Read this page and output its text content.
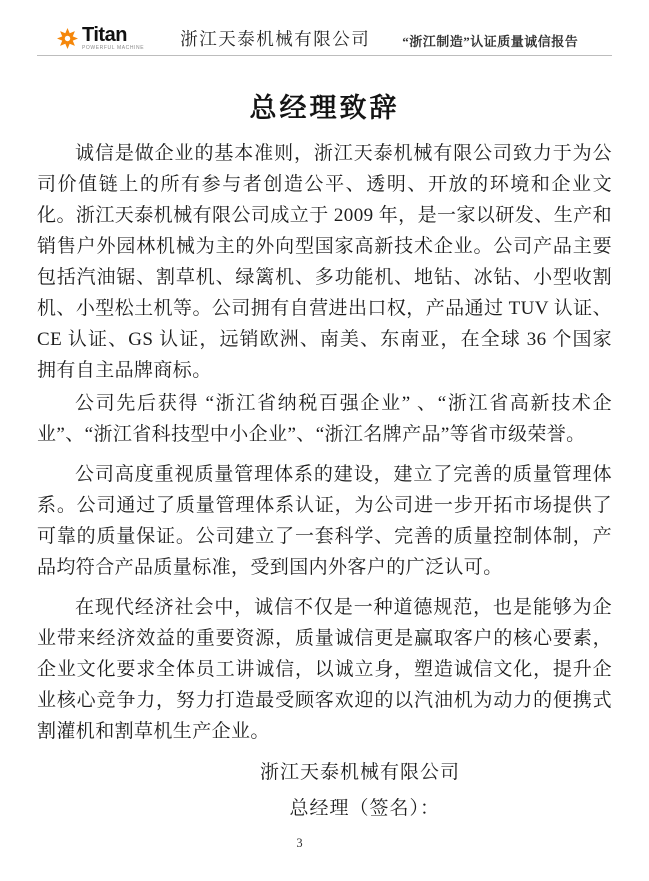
Titan
POWERFUL MACHINE 浙江天泰机械有限公司 “浙江制造”认证质量诚信报告
总经理致辞

诚信是做企业的基本准则，浙江天泰机械有限公司致力于为公司价值链上的所有参与者创造公平、透明、开放的环境和企业文化。浙江天泰机械有限公司成立于 2009 年，是一家以研发、生产和销售户外园林机械为主的外向型国家高新技术企业。公司产品主要包括汽油锯、割草机、绿篱机、多功能机、地钻、冰钻、小型收割机、小型松土机等。公司拥有自营进出口权，产品通过 TUV 认证、CE 认证、GS 认证，远销欧洲、南美、东南亚，在全球 36 个国家拥有自主品牌商标。

公司先后获得 “浙江省纳税百强企业” 、“浙江省高新技术企业”、“浙江省科技型中小企业”、“浙江名牌产品”等省市级荣誉。

公司高度重视质量管理体系的建设，建立了完善的质量管理体系。公司通过了质量管理体系认证，为公司进一步开拓市场提供了可靠的质量保证。公司建立了一套科学、完善的质量控制体制，产品均符合产品质量标准，受到国内外客户的广泛认可。

在现代经济社会中，诚信不仅是一种道德规范，也是能够为企业带来经济效益的重要资源，质量诚信更是赢取客户的核心要素，企业文化要求全体员工讲诚信，以诚立身，塑造诚信文化，提升企业核心竞争力，努力打造最受顾客欢迎的以汽油机为动力的便携式割灌机和割草机生产企业。

浙江天泰机械有限公司
总经理（签名）：
3
